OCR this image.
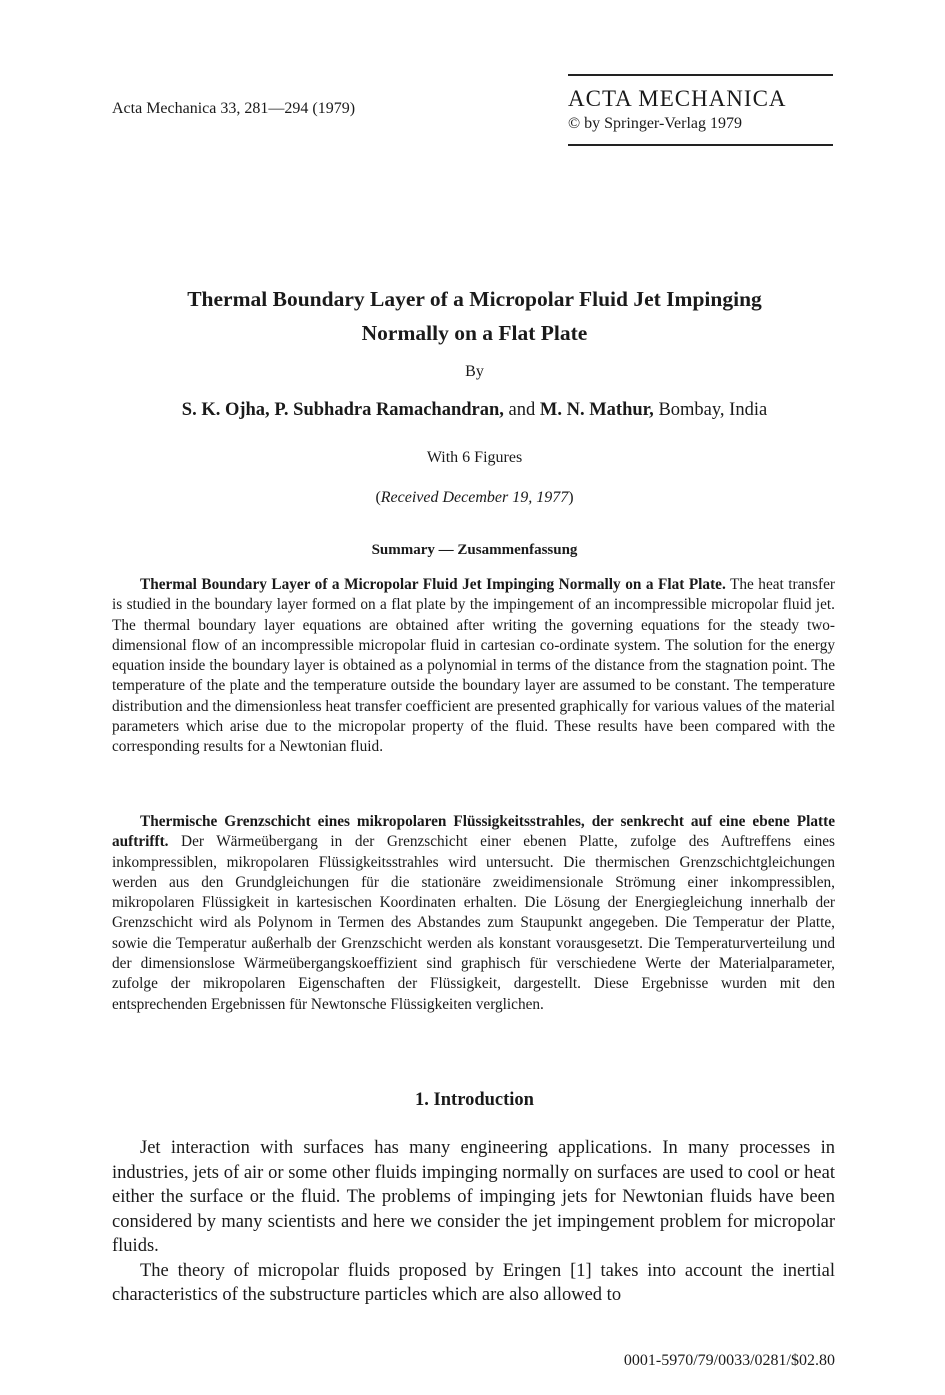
Acta Mechanica 33, 281—294 (1979)	ACTA MECHANICA
© by Springer-Verlag 1979
Thermal Boundary Layer of a Micropolar Fluid Jet Impinging
Normally on a Flat Plate
By
S. K. Ojha, P. Subhadra Ramachandran, and M. N. Mathur, Bombay, India
With 6 Figures
(Received December 19, 1977)
Summary — Zusammenfassung

Thermal Boundary Layer of a Micropolar Fluid Jet Impinging Normally on a Flat Plate. The heat transfer is studied in the boundary layer formed on a flat plate by the impingement of an incompressible micropolar fluid jet. The thermal boundary layer equations are obtained after writing the governing equations for the steady two-dimensional flow of an incompressible micropolar fluid in cartesian co-ordinate system. The solution for the energy equation inside the boundary layer is obtained as a polynomial in terms of the distance from the stagnation point. The temperature of the plate and the temperature outside the boundary layer are assumed to be constant. The temperature distribution and the dimensionless heat transfer coefficient are presented graphically for various values of the material parameters which arise due to the micropolar property of the fluid. These results have been compared with the corresponding results for a Newtonian fluid.

Thermische Grenzschicht eines mikropolaren Flüssigkeitsstrahles, der senkrecht auf eine ebene Platte auftrifft. Der Wärmeübergang in der Grenzschicht einer ebenen Platte, zufolge des Auftreffens eines inkompressiblen, mikropolaren Flüssigkeitsstrahles wird untersucht. Die thermischen Grenzschichtgleichungen werden aus den Grundgleichungen für die stationäre zweidimensionale Strömung einer inkompressiblen, mikropolaren Flüssigkeit in kartesischen Koordinaten erhalten. Die Lösung der Energiegleichung innerhalb der Grenzschicht wird als Polynom in Termen des Abstandes zum Staupunkt angegeben. Die Temperatur der Platte, sowie die Temperatur außerhalb der Grenzschicht werden als konstant vorausgesetzt. Die Temperaturverteilung und der dimensionslose Wärmeübergangskoeffizient sind graphisch für verschiedene Werte der Materialparameter, zufolge der mikropolaren Eigenschaften der Flüssigkeit, dargestellt. Diese Ergebnisse wurden mit den entsprechenden Ergebnissen für Newtonsche Flüssigkeiten verglichen.

1. Introduction

Jet interaction with surfaces has many engineering applications. In many processes in industries, jets of air or some other fluids impinging normally on surfaces are used to cool or heat either the surface or the fluid. The problems of impinging jets for Newtonian fluids have been considered by many scientists and here we consider the jet impingement problem for micropolar fluids.

The theory of micropolar fluids proposed by Eringen [1] takes into account the inertial characteristics of the substructure particles which are also allowed to

0001-5970/79/0033/0281/$02.80
